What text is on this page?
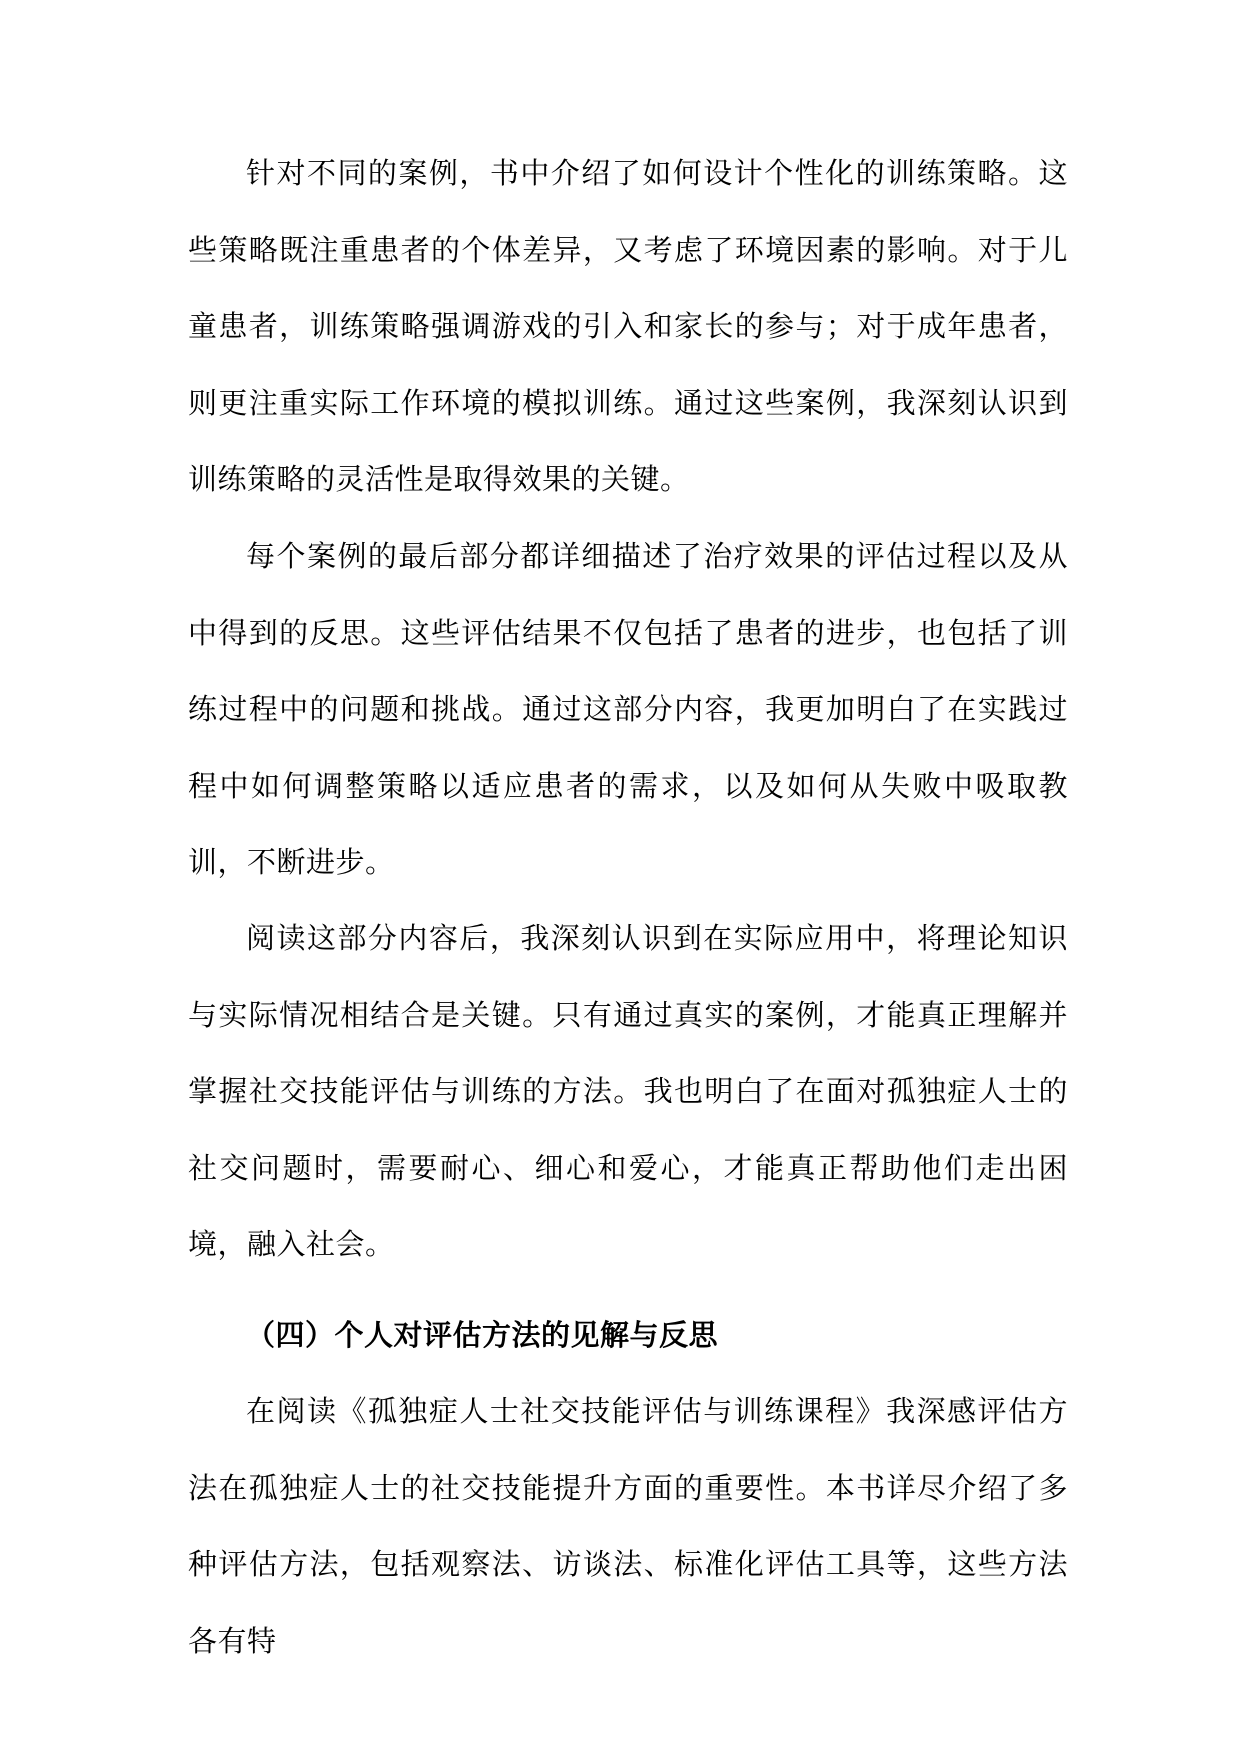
针对不同的案例，书中介绍了如何设计个性化的训练策略。这些策略既注重患者的个体差异，又考虑了环境因素的影响。对于儿童患者，训练策略强调游戏的引入和家长的参与；对于成年患者，则更注重实际工作环境的模拟训练。通过这些案例，我深刻认识到训练策略的灵活性是取得效果的关键。

每个案例的最后部分都详细描述了治疗效果的评估过程以及从中得到的反思。这些评估结果不仅包括了患者的进步，也包括了训练过程中的问题和挑战。通过这部分内容，我更加明白了在实践过程中如何调整策略以适应患者的需求，以及如何从失败中吸取教训，不断进步。

阅读这部分内容后，我深刻认识到在实际应用中，将理论知识与实际情况相结合是关键。只有通过真实的案例，才能真正理解并掌握社交技能评估与训练的方法。我也明白了在面对孤独症人士的社交问题时，需要耐心、细心和爱心，才能真正帮助他们走出困境，融入社会。

（四）个人对评估方法的见解与反思

在阅读《孤独症人士社交技能评估与训练课程》我深感评估方法在孤独症人士的社交技能提升方面的重要性。本书详尽介绍了多种评估方法，包括观察法、访谈法、标准化评估工具等，这些方法各有特
